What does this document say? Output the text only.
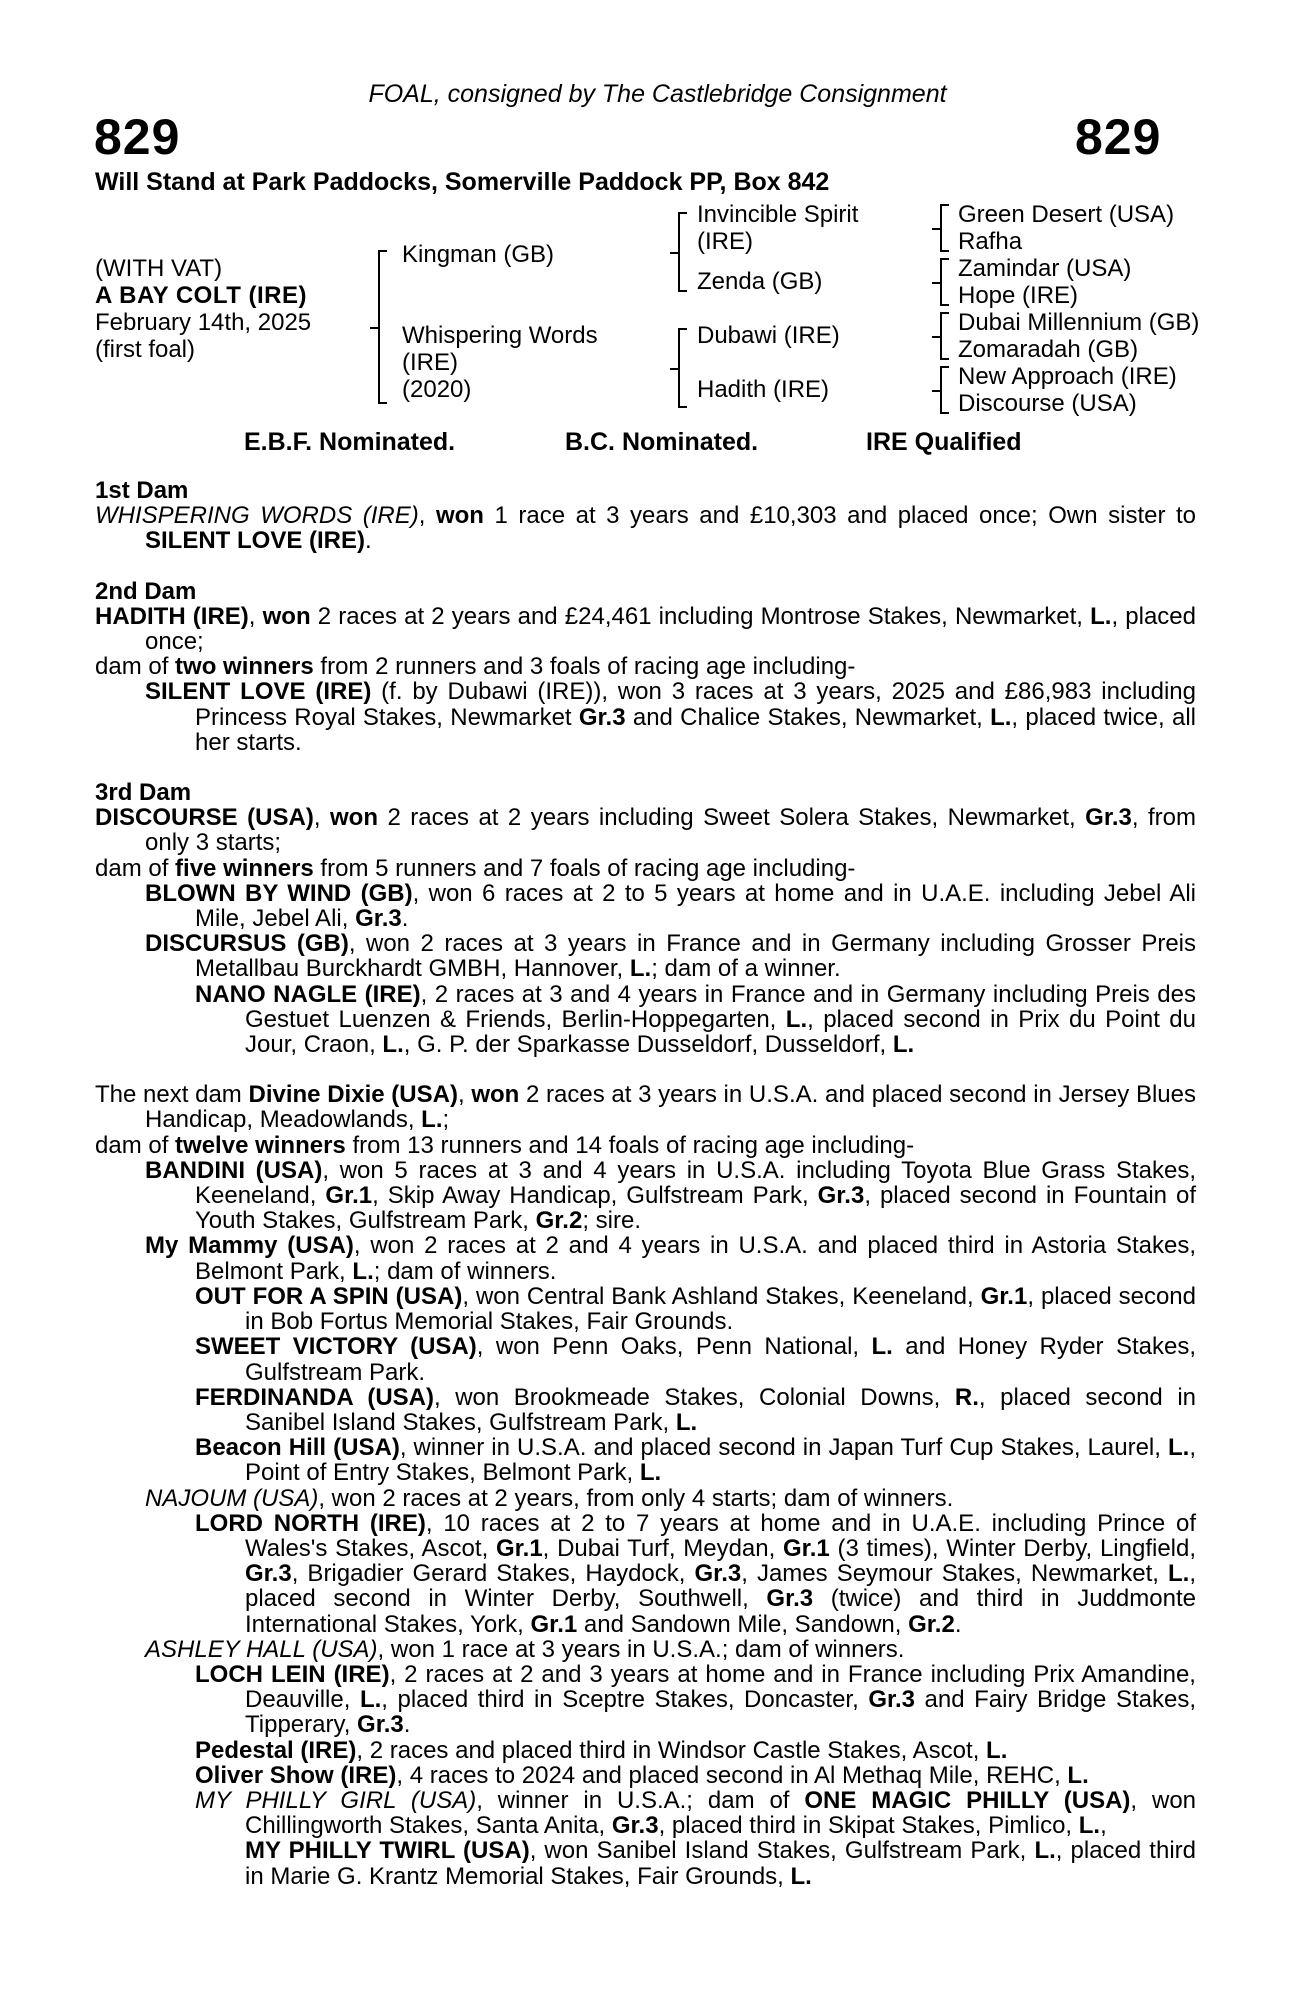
FOAL, consigned by The Castlebridge Consignment
829	829
Will Stand at Park Paddocks, Somerville Paddock PP, Box 842
(WITH VAT)
A BAY COLT (IRE)
February 14th, 2025
(first foal)
Kingman (GB)
Whispering Words
(IRE)
(2020)
Invincible Spirit
(IRE)
Zenda (GB)
Dubawi (IRE)
Hadith (IRE)
Green Desert (USA)
Rafha
Zamindar (USA)
Hope (IRE)
Dubai Millennium (GB)
Zomaradah (GB)
New Approach (IRE)
Discourse (USA)
E.B.F. Nominated.	B.C. Nominated.	IRE Qualified

1st Dam

WHISPERING WORDS (IRE), won 1 race at 3 years and £10,303 and placed once; Own sister to SILENT LOVE (IRE).

2nd Dam

HADITH (IRE), won 2 races at 2 years and £24,461 including Montrose Stakes, Newmarket, L., placed once;

dam of two winners from 2 runners and 3 foals of racing age including-

SILENT LOVE (IRE) (f. by Dubawi (IRE)), won 3 races at 3 years, 2025 and £86,983 including Princess Royal Stakes, Newmarket Gr.3 and Chalice Stakes, Newmarket, L., placed twice, all her starts.

3rd Dam

DISCOURSE (USA), won 2 races at 2 years including Sweet Solera Stakes, Newmarket, Gr.3, from only 3 starts;

dam of five winners from 5 runners and 7 foals of racing age including-

BLOWN BY WIND (GB), won 6 races at 2 to 5 years at home and in U.A.E. including Jebel Ali Mile, Jebel Ali, Gr.3.

DISCURSUS (GB), won 2 races at 3 years in France and in Germany including Grosser Preis Metallbau Burckhardt GMBH, Hannover, L.; dam of a winner.

NANO NAGLE (IRE), 2 races at 3 and 4 years in France and in Germany including Preis des Gestuet Luenzen & Friends, Berlin-Hoppegarten, L., placed second in Prix du Point du Jour, Craon, L., G. P. der Sparkasse Dusseldorf, Dusseldorf, L.

The next dam Divine Dixie (USA), won 2 races at 3 years in U.S.A. and placed second in Jersey Blues Handicap, Meadowlands, L.;

dam of twelve winners from 13 runners and 14 foals of racing age including-

BANDINI (USA), won 5 races at 3 and 4 years in U.S.A. including Toyota Blue Grass Stakes, Keeneland, Gr.1, Skip Away Handicap, Gulfstream Park, Gr.3, placed second in Fountain of Youth Stakes, Gulfstream Park, Gr.2; sire.

My Mammy (USA), won 2 races at 2 and 4 years in U.S.A. and placed third in Astoria Stakes, Belmont Park, L.; dam of winners.

OUT FOR A SPIN (USA), won Central Bank Ashland Stakes, Keeneland, Gr.1, placed second in Bob Fortus Memorial Stakes, Fair Grounds.

SWEET VICTORY (USA), won Penn Oaks, Penn National, L. and Honey Ryder Stakes, Gulfstream Park.

FERDINANDA (USA), won Brookmeade Stakes, Colonial Downs, R., placed second in Sanibel Island Stakes, Gulfstream Park, L.

Beacon Hill (USA), winner in U.S.A. and placed second in Japan Turf Cup Stakes, Laurel, L., Point of Entry Stakes, Belmont Park, L.

NAJOUM (USA), won 2 races at 2 years, from only 4 starts; dam of winners.

LORD NORTH (IRE), 10 races at 2 to 7 years at home and in U.A.E. including Prince of Wales's Stakes, Ascot, Gr.1, Dubai Turf, Meydan, Gr.1 (3 times), Winter Derby, Lingfield, Gr.3, Brigadier Gerard Stakes, Haydock, Gr.3, James Seymour Stakes, Newmarket, L., placed second in Winter Derby, Southwell, Gr.3 (twice) and third in Juddmonte International Stakes, York, Gr.1 and Sandown Mile, Sandown, Gr.2.

ASHLEY HALL (USA), won 1 race at 3 years in U.S.A.; dam of winners.

LOCH LEIN (IRE), 2 races at 2 and 3 years at home and in France including Prix Amandine, Deauville, L., placed third in Sceptre Stakes, Doncaster, Gr.3 and Fairy Bridge Stakes, Tipperary, Gr.3.

Pedestal (IRE), 2 races and placed third in Windsor Castle Stakes, Ascot, L.

Oliver Show (IRE), 4 races to 2024 and placed second in Al Methaq Mile, REHC, L.

MY PHILLY GIRL (USA), winner in U.S.A.; dam of ONE MAGIC PHILLY (USA), won Chillingworth Stakes, Santa Anita, Gr.3, placed third in Skipat Stakes, Pimlico, L.,

MY PHILLY TWIRL (USA), won Sanibel Island Stakes, Gulfstream Park, L., placed third in Marie G. Krantz Memorial Stakes, Fair Grounds, L.
